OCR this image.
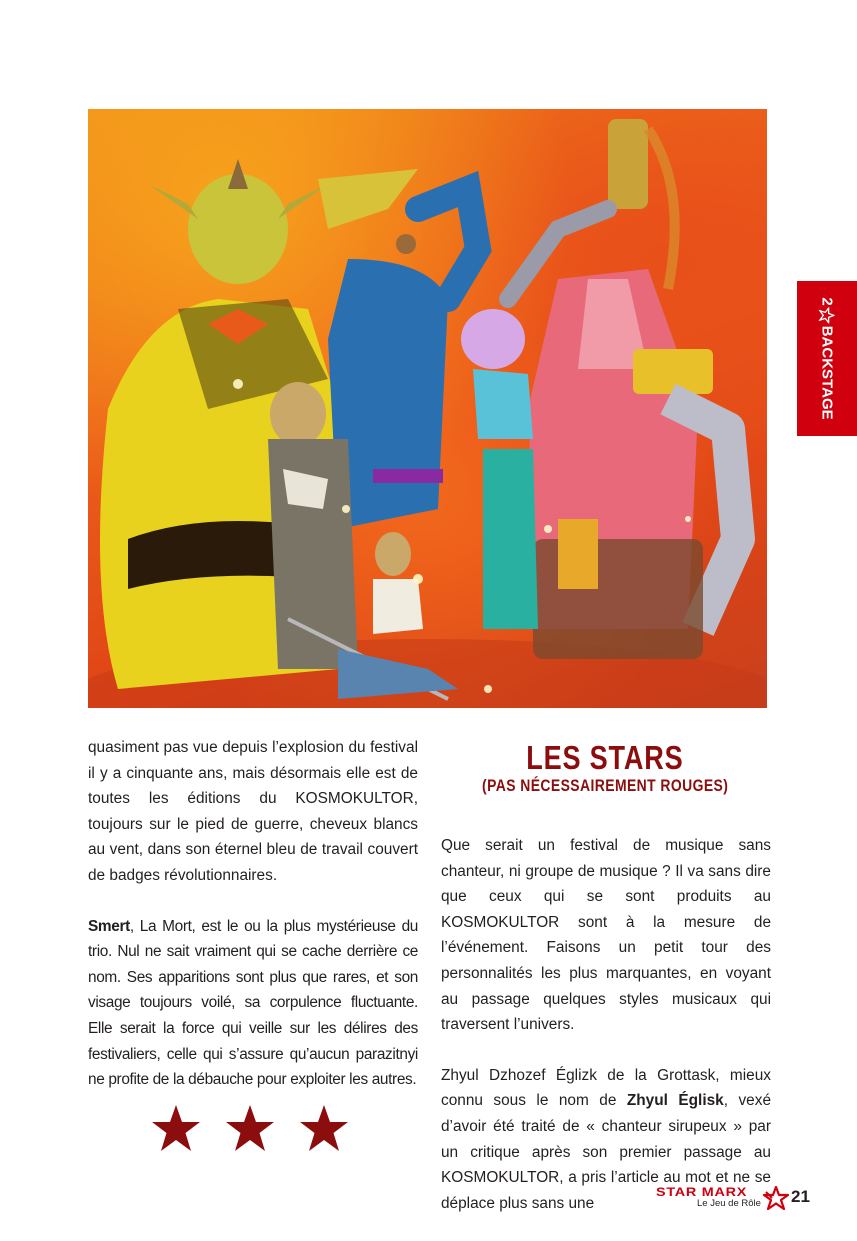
2
BACKSTAGE

quasiment pas vue depuis l’explosion du festival il y a cinquante ans, mais désormais elle est de toutes les éditions du KOSMOKULTOR, toujours sur le pied de guerre, cheveux blancs au vent, dans son éternel bleu de travail couvert de badges révolutionnaires.

Smert, La Mort, est le ou la plus mystérieuse du trio. Nul ne sait vraiment qui se cache derrière ce nom. Ses apparitions sont plus que rares, et son visage toujours voilé, sa corpulence fluctuante. Elle serait la force qui veille sur les délires des festivaliers, celle qui s’assure qu’aucun parazitnyi ne profite de la débauche pour exploiter les autres.

LES STARS
(PAS NÉCESSAIREMENT ROUGES)

Que serait un festival de musique sans chanteur, ni groupe de musique ? Il va sans dire que ceux qui se sont produits au KOSMOKULTOR sont à la mesure de l’événement. Faisons un petit tour des personnalités les plus marquantes, en voyant au passage quelques styles musicaux qui traversent l’univers.

Zhyul Dzhozef Églizk de la Grottask, mieux connu sous le nom de Zhyul Églisk, vexé d’avoir été traité de « chanteur sirupeux » par un critique après son premier passage au KOSMOKULTOR, a pris l’article au mot et ne se déplace plus sans une

STAR MARX
Le Jeu de Rôle 21
